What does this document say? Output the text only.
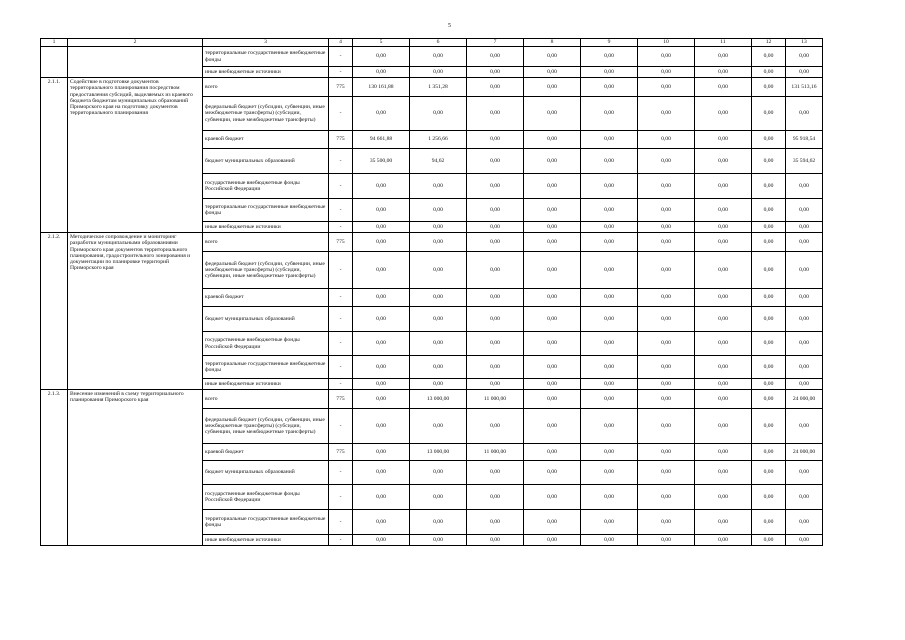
5
1	2	3	4	5	6	7	8	9	10	11	12	13
		территориальные государственные внебюджетные фонды	-	0,00	0,00	0,00	0,00	0,00	0,00	0,00	0,00	0,00
		иные внебюджетные источники	-	0,00	0,00	0,00	0,00	0,00	0,00	0,00	0,00	0,00
2.1.1.	Содействие в подготовке документов территориального планирования посредством предоставления субсидий, выделяемых из краевого бюджета бюджетам муниципальных образований Приморского края на подготовку документов территориального планирования	всего	775	130 161,88	1 351,28	0,00	0,00	0,00	0,00	0,00	0,00	131 513,16
		федеральный бюджет (субсидии, субвенции, иные межбюджетные трансферты) (субсидии, субвенции, иные межбюджетные трансферты)	-	0,00	0,00	0,00	0,00	0,00	0,00	0,00	0,00	0,00
		краевой бюджет	775	94 661,88	1 256,66	0,00	0,00	0,00	0,00	0,00	0,00	95 918,54
		бюджет муниципальных образований	-	35 500,00	94,62	0,00	0,00	0,00	0,00	0,00	0,00	35 594,62
		государственные внебюджетные фонды Российской Федерации	-	0,00	0,00	0,00	0,00	0,00	0,00	0,00	0,00	0,00
		территориальные государственные внебюджетные фонды	-	0,00	0,00	0,00	0,00	0,00	0,00	0,00	0,00	0,00
		иные внебюджетные источники	-	0,00	0,00	0,00	0,00	0,00	0,00	0,00	0,00	0,00
2.1.2.	Методическое сопровождение и мониторинг разработки муниципальными образованиями Приморского края документов территориального планирования, градостроительного зонирования и документации по планировке территорий Приморского края	всего	775	0,00	0,00	0,00	0,00	0,00	0,00	0,00	0,00	0,00
		федеральный бюджет (субсидии, субвенции, иные межбюджетные трансферты) (субсидии, субвенции, иные межбюджетные трансферты)	-	0,00	0,00	0,00	0,00	0,00	0,00	0,00	0,00	0,00
		краевой бюджет	-	0,00	0,00	0,00	0,00	0,00	0,00	0,00	0,00	0,00
		бюджет муниципальных образований	-	0,00	0,00	0,00	0,00	0,00	0,00	0,00	0,00	0,00
		государственные внебюджетные фонды Российской Федерации	-	0,00	0,00	0,00	0,00	0,00	0,00	0,00	0,00	0,00
		территориальные государственные внебюджетные фонды	-	0,00	0,00	0,00	0,00	0,00	0,00	0,00	0,00	0,00
		иные внебюджетные источники	-	0,00	0,00	0,00	0,00	0,00	0,00	0,00	0,00	0,00
2.1.3.	Внесение изменений в схему территориального планирования Приморского края	всего	775	0,00	13 000,00	11 000,00	0,00	0,00	0,00	0,00	0,00	24 000,00
		федеральный бюджет (субсидии, субвенции, иные межбюджетные трансферты) (субсидии, субвенции, иные межбюджетные трансферты)	-	0,00	0,00	0,00	0,00	0,00	0,00	0,00	0,00	0,00
		краевой бюджет	775	0,00	13 000,00	11 000,00	0,00	0,00	0,00	0,00	0,00	24 000,00
		бюджет муниципальных образований	-	0,00	0,00	0,00	0,00	0,00	0,00	0,00	0,00	0,00
		государственные внебюджетные фонды Российской Федерации	-	0,00	0,00	0,00	0,00	0,00	0,00	0,00	0,00	0,00
		территориальные государственные внебюджетные фонды	-	0,00	0,00	0,00	0,00	0,00	0,00	0,00	0,00	0,00
		иные внебюджетные источники	-	0,00	0,00	0,00	0,00	0,00	0,00	0,00	0,00	0,00
